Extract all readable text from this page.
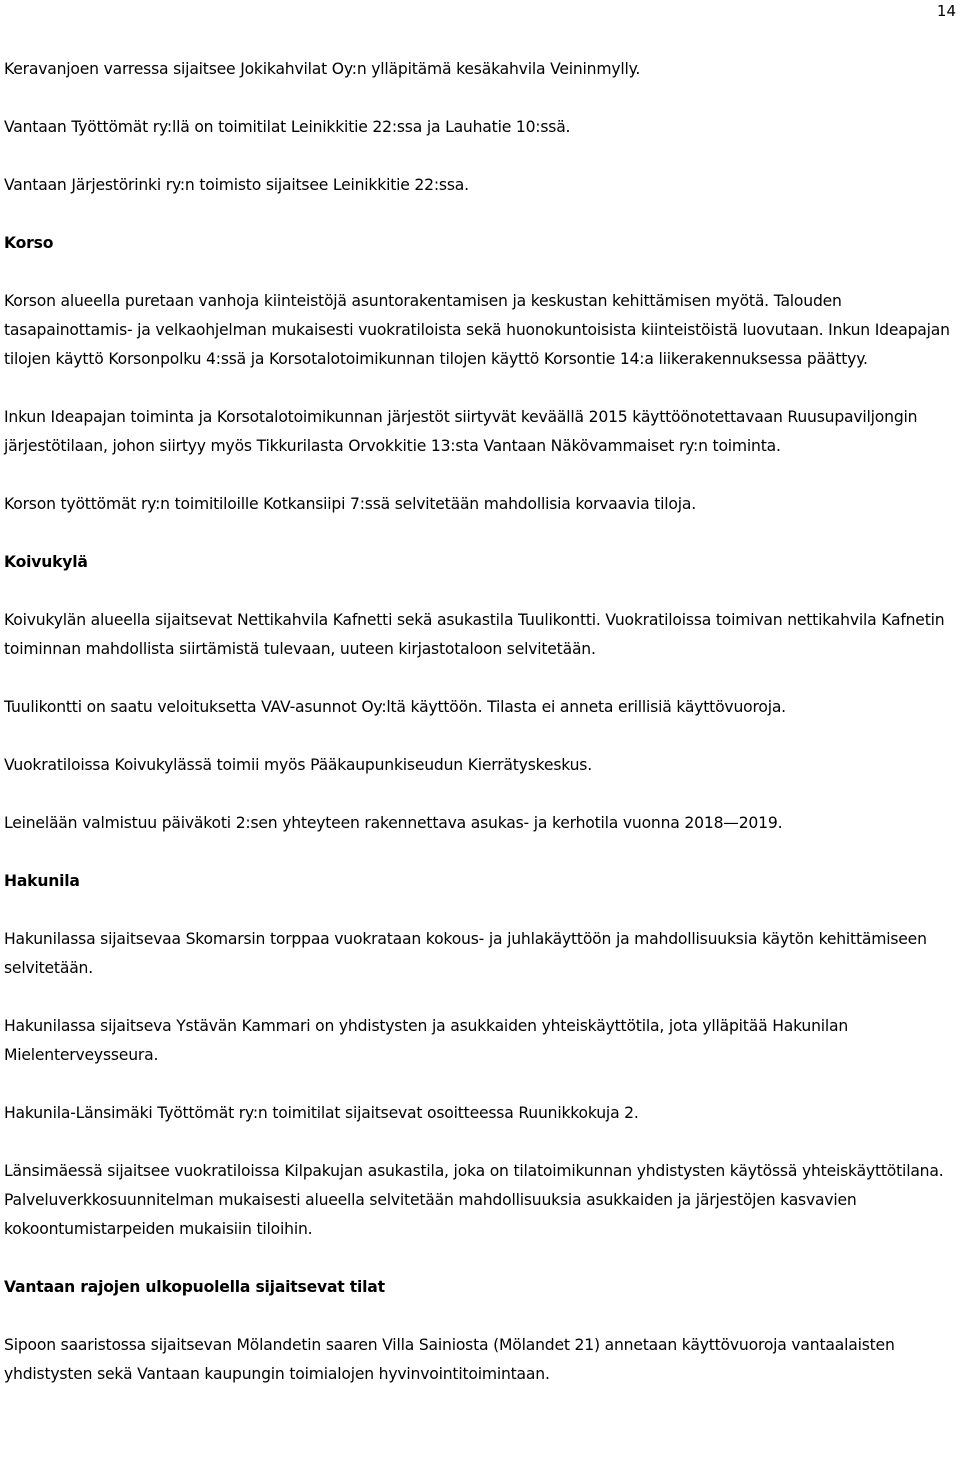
14

Keravanjoen varressa sijaitsee Jokikahvilat Oy:n ylläpitämä kesäkahvila Veininmylly.

Vantaan Työttömät ry:llä on toimitilat Leinikkitie 22:ssa ja Lauhatie 10:ssä.

Vantaan Järjestörinki ry:n toimisto sijaitsee Leinikkitie 22:ssa.

Korso

Korson alueella puretaan vanhoja kiinteistöjä asuntorakentamisen ja keskustan kehittämisen myötä. Talouden tasapainottamis- ja velkaohjelman mukaisesti vuokratiloista sekä huonokuntoisista kiinteistöistä luovutaan. Inkun Ideapajan tilojen käyttö Korsonpolku 4:ssä ja Korsotalotoimikunnan tilojen käyttö Korsontie 14:a liikerakennuksessa päättyy.

Inkun Ideapajan toiminta ja Korsotalotoimikunnan järjestöt siirtyvät keväällä 2015 käyttöönotettavaan Ruusupaviljongin järjestötilaan, johon siirtyy myös Tikkurilasta Orvokkitie 13:sta Vantaan Näkövammaiset ry:n toiminta.

Korson työttömät ry:n toimitiloille Kotkansiipi 7:ssä selvitetään mahdollisia korvaavia tiloja.

Koivukylä

Koivukylän alueella sijaitsevat Nettikahvila Kafnetti sekä asukastila Tuulikontti. Vuokratiloissa toimivan nettikahvila Kafnetin toiminnan mahdollista siirtämistä tulevaan, uuteen kirjastotaloon selvitetään.

Tuulikontti on saatu veloituksetta VAV-asunnot Oy:ltä käyttöön. Tilasta ei anneta erillisiä käyttövuoroja.

Vuokratiloissa Koivukylässä toimii myös Pääkaupunkiseudun Kierrätyskeskus.

Leinelään valmistuu päiväkoti 2:sen yhteyteen rakennettava asukas- ja kerhotila vuonna 2018—2019.

Hakunila

Hakunilassa sijaitsevaa Skomarsin torppaa vuokrataan kokous- ja juhlakäyttöön ja mahdollisuuksia käytön kehittämiseen selvitetään.

Hakunilassa sijaitseva Ystävän Kammari on yhdistysten ja asukkaiden yhteiskäyttötila, jota ylläpitää Hakunilan Mielenterveysseura.

Hakunila-Länsimäki Työttömät ry:n toimitilat sijaitsevat osoitteessa Ruunikkokuja 2.

Länsimäessä sijaitsee vuokratiloissa Kilpakujan asukastila, joka on tilatoimikunnan yhdistysten käytössä yhteiskäyttötilana. Palveluverkkosuunnitelman mukaisesti alueella selvitetään mahdollisuuksia asukkaiden ja järjestöjen kasvavien kokoontumistarpeiden mukaisiin tiloihin.

Vantaan rajojen ulkopuolella sijaitsevat tilat

Sipoon saaristossa sijaitsevan Mölandetin saaren Villa Sainiosta (Mölandet 21) annetaan käyttövuoroja vantaalaisten yhdistysten sekä Vantaan kaupungin toimialojen hyvinvointitoimintaan.
